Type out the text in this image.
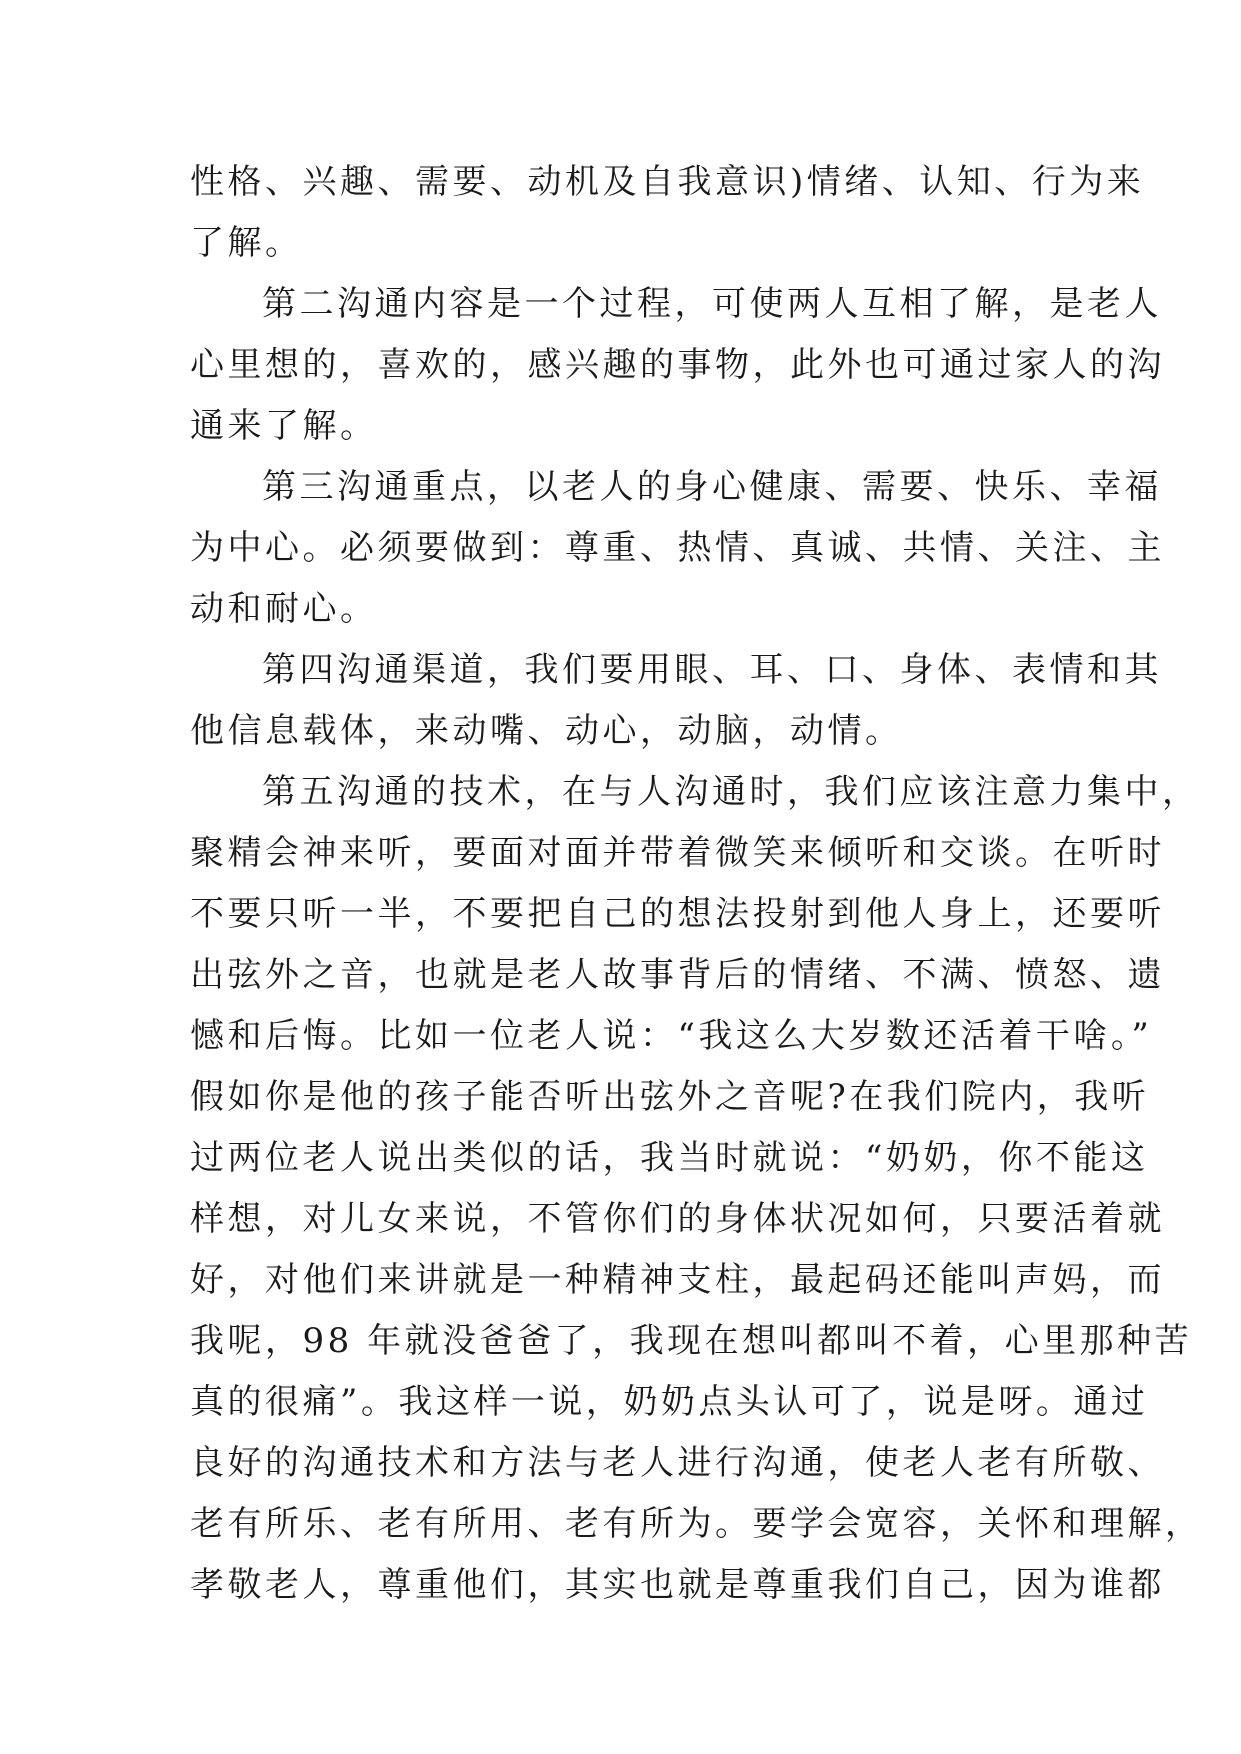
性格、兴趣、需要、动机及自我意识)情绪、认知、行为来
了解。
第二沟通内容是一个过程，可使两人互相了解，是老人
心里想的，喜欢的，感兴趣的事物，此外也可通过家人的沟
通来了解。
第三沟通重点，以老人的身心健康、需要、快乐、幸福
为中心。必须要做到：尊重、热情、真诚、共情、关注、主
动和耐心。
第四沟通渠道，我们要用眼、耳、口、身体、表情和其
他信息载体，来动嘴、动心，动脑，动情。
第五沟通的技术，在与人沟通时，我们应该注意力集中，
聚精会神来听，要面对面并带着微笑来倾听和交谈。在听时
不要只听一半，不要把自己的想法投射到他人身上，还要听
出弦外之音，也就是老人故事背后的情绪、不满、愤怒、遗
憾和后悔。比如一位老人说：“我这么大岁数还活着干啥。”
假如你是他的孩子能否听出弦外之音呢?在我们院内，我听
过两位老人说出类似的话，我当时就说：“奶奶，你不能这
样想，对儿女来说，不管你们的身体状况如何，只要活着就
好，对他们来讲就是一种精神支柱，最起码还能叫声妈，而
我呢，98 年就没爸爸了，我现在想叫都叫不着，心里那种苦
真的很痛”。我这样一说，奶奶点头认可了，说是呀。通过
良好的沟通技术和方法与老人进行沟通，使老人老有所敬、
老有所乐、老有所用、老有所为。要学会宽容，关怀和理解，
孝敬老人，尊重他们，其实也就是尊重我们自己，因为谁都
